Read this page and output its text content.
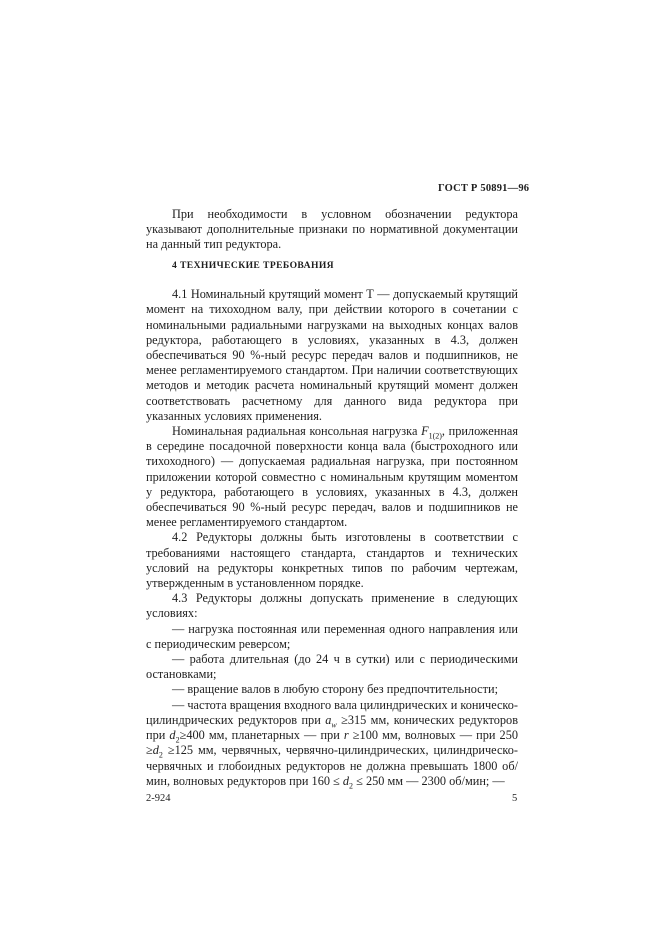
ГОСТ Р 50891—96

При необходимости в условном обозначении редуктора указывают дополнительные признаки по нормативной документации на данный тип редуктора.

4 ТЕХНИЧЕСКИЕ ТРЕБОВАНИЯ

4.1 Номинальный крутящий момент Т — допускаемый крутящий момент на тихоходном валу, при действии которого в сочетании с номинальными радиальными нагрузками на выходных концах валов редуктора, работающего в условиях, указанных в 4.3, должен обеспечиваться 90 %-ный ресурс передач валов и подшипников, не менее регламентируемого стандартом. При наличии соответствующих методов и методик расчета номинальный крутящий момент должен соответствовать расчетному для данного вида редуктора при указанных условиях применения.

Номинальная радиальная консольная нагрузка $F_{1(2)}$, приложенная в середине посадочной поверхности конца вала (быстроходного или тихоходного) — допускаемая радиальная нагрузка, при постоянном приложении которой совместно с номинальным крутящим моментом у редуктора, работающего в условиях, указанных в 4.3, должен обеспечиваться 90 %-ный ресурс передач, валов и подшипников не менее регламентируемого стандартом.

4.2 Редукторы должны быть изготовлены в соответствии с требованиями настоящего стандарта, стандартов и технических условий на редукторы конкретных типов по рабочим чертежам, утвержденным в установленном порядке.

4.3 Редукторы должны допускать применение в следующих условиях:

— нагрузка постоянная или переменная одного направления или с периодическим реверсом;

— работа длительная (до 24 ч в сутки) или с периодическими остановками;

— вращение валов в любую сторону без предпочтительности;

— частота вращения входного вала цилиндрических и коническо-цилиндрических редукторов при $a_w \ge 315$ мм, конических редукторов при $d_2\ge 400$ мм, планетарных — при r ≥100 мм, волновых — при $250 \ge d_2 \ge 125$ мм, червячных, червячно-цилиндрических, цилиндрическо-червячных и глобоидных редукторов не должна превышать 1800 об/мин, волновых редукторов при $160 \le d_2 \le 250$ мм — 2300 об/мин; —

2-924	5
